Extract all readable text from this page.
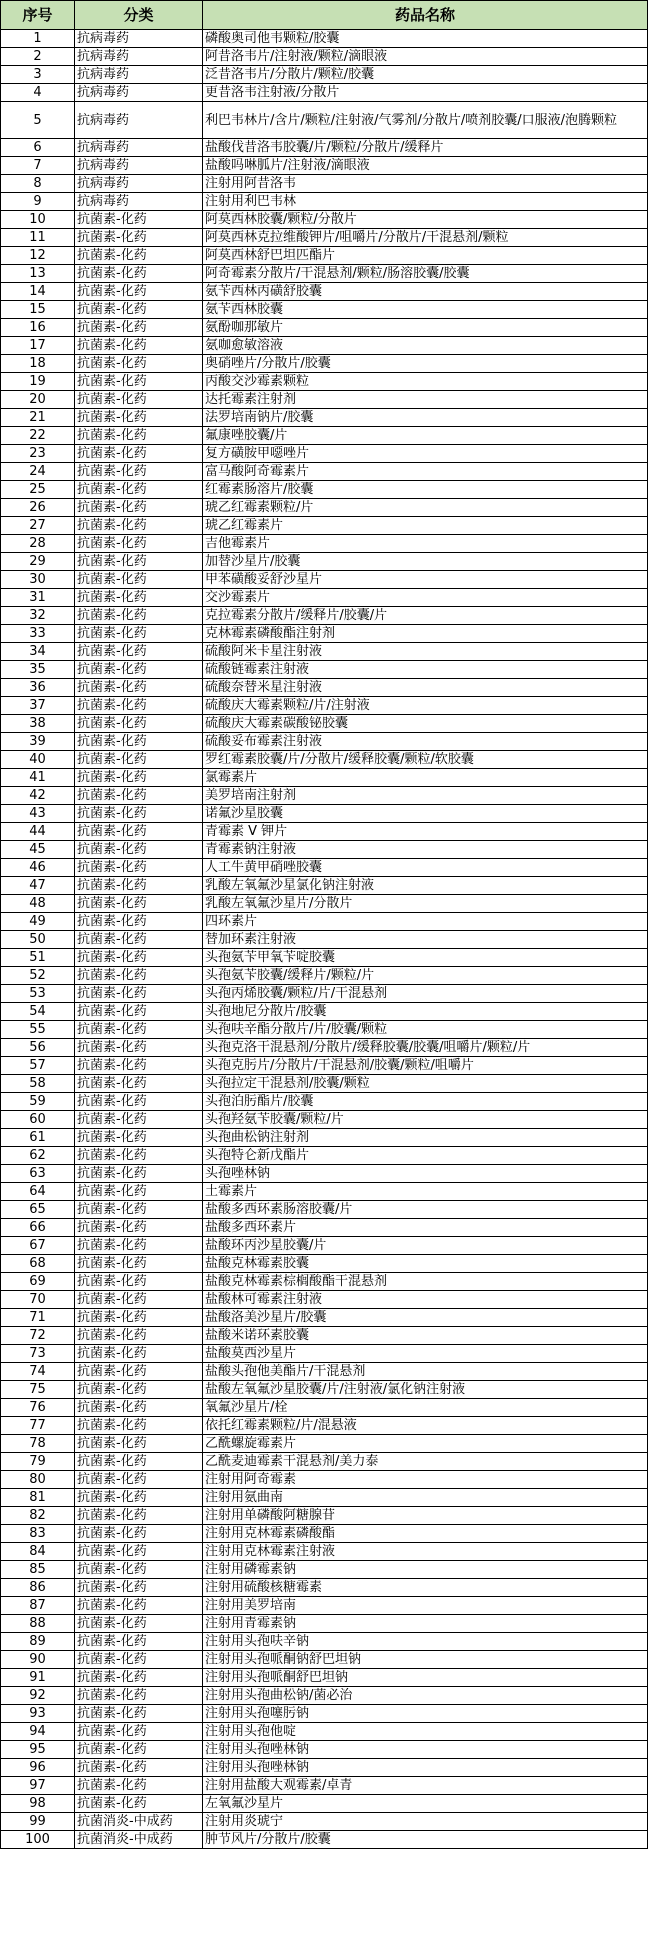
序号	分类	药品名称
1	抗病毒药	磷酸奥司他韦颗粒/胶囊
2	抗病毒药	阿昔洛韦片/注射液/颗粒/滴眼液
3	抗病毒药	泛昔洛韦片/分散片/颗粒/胶囊
4	抗病毒药	更昔洛韦注射液/分散片
5	抗病毒药	利巴韦林片/含片/颗粒/注射液/气雾剂/分散片/喷剂胶囊/口服液/泡腾颗粒
6	抗病毒药	盐酸伐昔洛韦胶囊/片/颗粒/分散片/缓释片
7	抗病毒药	盐酸吗啉胍片/注射液/滴眼液
8	抗病毒药	注射用阿昔洛韦
9	抗病毒药	注射用利巴韦林
10	抗菌素-化药	阿莫西林胶囊/颗粒/分散片
11	抗菌素-化药	阿莫西林克拉维酸钾片/咀嚼片/分散片/干混悬剂/颗粒
12	抗菌素-化药	阿莫西林舒巴坦匹酯片
13	抗菌素-化药	阿奇霉素分散片/干混悬剂/颗粒/肠溶胶囊/胶囊
14	抗菌素-化药	氨苄西林丙磺舒胶囊
15	抗菌素-化药	氨苄西林胶囊
16	抗菌素-化药	氨酚咖那敏片
17	抗菌素-化药	氨咖愈敏溶液
18	抗菌素-化药	奥硝唑片/分散片/胶囊
19	抗菌素-化药	丙酸交沙霉素颗粒
20	抗菌素-化药	达托霉素注射剂
21	抗菌素-化药	法罗培南钠片/胶囊
22	抗菌素-化药	氟康唑胶囊/片
23	抗菌素-化药	复方磺胺甲噁唑片
24	抗菌素-化药	富马酸阿奇霉素片
25	抗菌素-化药	红霉素肠溶片/胶囊
26	抗菌素-化药	琥乙红霉素颗粒/片
27	抗菌素-化药	琥乙红霉素片
28	抗菌素-化药	吉他霉素片
29	抗菌素-化药	加替沙星片/胶囊
30	抗菌素-化药	甲苯磺酸妥舒沙星片
31	抗菌素-化药	交沙霉素片
32	抗菌素-化药	克拉霉素分散片/缓释片/胶囊/片
33	抗菌素-化药	克林霉素磷酸酯注射剂
34	抗菌素-化药	硫酸阿米卡星注射液
35	抗菌素-化药	硫酸链霉素注射液
36	抗菌素-化药	硫酸奈替米星注射液
37	抗菌素-化药	硫酸庆大霉素颗粒/片/注射液
38	抗菌素-化药	硫酸庆大霉素碳酸铋胶囊
39	抗菌素-化药	硫酸妥布霉素注射液
40	抗菌素-化药	罗红霉素胶囊/片/分散片/缓释胶囊/颗粒/软胶囊
41	抗菌素-化药	氯霉素片
42	抗菌素-化药	美罗培南注射剂
43	抗菌素-化药	诺氟沙星胶囊
44	抗菌素-化药	青霉素 V 钾片
45	抗菌素-化药	青霉素钠注射液
46	抗菌素-化药	人工牛黄甲硝唑胶囊
47	抗菌素-化药	乳酸左氧氟沙星氯化钠注射液
48	抗菌素-化药	乳酸左氧氟沙星片/分散片
49	抗菌素-化药	四环素片
50	抗菌素-化药	替加环素注射液
51	抗菌素-化药	头孢氨苄甲氧苄啶胶囊
52	抗菌素-化药	头孢氨苄胶囊/缓释片/颗粒/片
53	抗菌素-化药	头孢丙烯胶囊/颗粒/片/干混悬剂
54	抗菌素-化药	头孢地尼分散片/胶囊
55	抗菌素-化药	头孢呋辛酯分散片/片/胶囊/颗粒
56	抗菌素-化药	头孢克洛干混悬剂/分散片/缓释胶囊/胶囊/咀嚼片/颗粒/片
57	抗菌素-化药	头孢克肟片/分散片/干混悬剂/胶囊/颗粒/咀嚼片
58	抗菌素-化药	头孢拉定干混悬剂/胶囊/颗粒
59	抗菌素-化药	头孢泊肟酯片/胶囊
60	抗菌素-化药	头孢羟氨苄胶囊/颗粒/片
61	抗菌素-化药	头孢曲松钠注射剂
62	抗菌素-化药	头孢特仑新戊酯片
63	抗菌素-化药	头孢唑林钠
64	抗菌素-化药	土霉素片
65	抗菌素-化药	盐酸多西环素肠溶胶囊/片
66	抗菌素-化药	盐酸多西环素片
67	抗菌素-化药	盐酸环丙沙星胶囊/片
68	抗菌素-化药	盐酸克林霉素胶囊
69	抗菌素-化药	盐酸克林霉素棕榈酸酯干混悬剂
70	抗菌素-化药	盐酸林可霉素注射液
71	抗菌素-化药	盐酸洛美沙星片/胶囊
72	抗菌素-化药	盐酸米诺环素胶囊
73	抗菌素-化药	盐酸莫西沙星片
74	抗菌素-化药	盐酸头孢他美酯片/干混悬剂
75	抗菌素-化药	盐酸左氧氟沙星胶囊/片/注射液/氯化钠注射液
76	抗菌素-化药	氧氟沙星片/栓
77	抗菌素-化药	依托红霉素颗粒/片/混悬液
78	抗菌素-化药	乙酰螺旋霉素片
79	抗菌素-化药	乙酰麦迪霉素干混悬剂/美力泰
80	抗菌素-化药	注射用阿奇霉素
81	抗菌素-化药	注射用氨曲南
82	抗菌素-化药	注射用单磷酸阿糖腺苷
83	抗菌素-化药	注射用克林霉素磷酸酯
84	抗菌素-化药	注射用克林霉素注射液
85	抗菌素-化药	注射用磷霉素钠
86	抗菌素-化药	注射用硫酸核糖霉素
87	抗菌素-化药	注射用美罗培南
88	抗菌素-化药	注射用青霉素钠
89	抗菌素-化药	注射用头孢呋辛钠
90	抗菌素-化药	注射用头孢哌酮钠舒巴坦钠
91	抗菌素-化药	注射用头孢哌酮舒巴坦钠
92	抗菌素-化药	注射用头孢曲松钠/菌必治
93	抗菌素-化药	注射用头孢噻肟钠
94	抗菌素-化药	注射用头孢他啶
95	抗菌素-化药	注射用头孢唑林钠
96	抗菌素-化药	注射用头孢唑林钠
97	抗菌素-化药	注射用盐酸大观霉素/卓青
98	抗菌素-化药	左氧氟沙星片
99	抗菌消炎-中成药	注射用炎琥宁
100	抗菌消炎-中成药	肿节风片/分散片/胶囊
